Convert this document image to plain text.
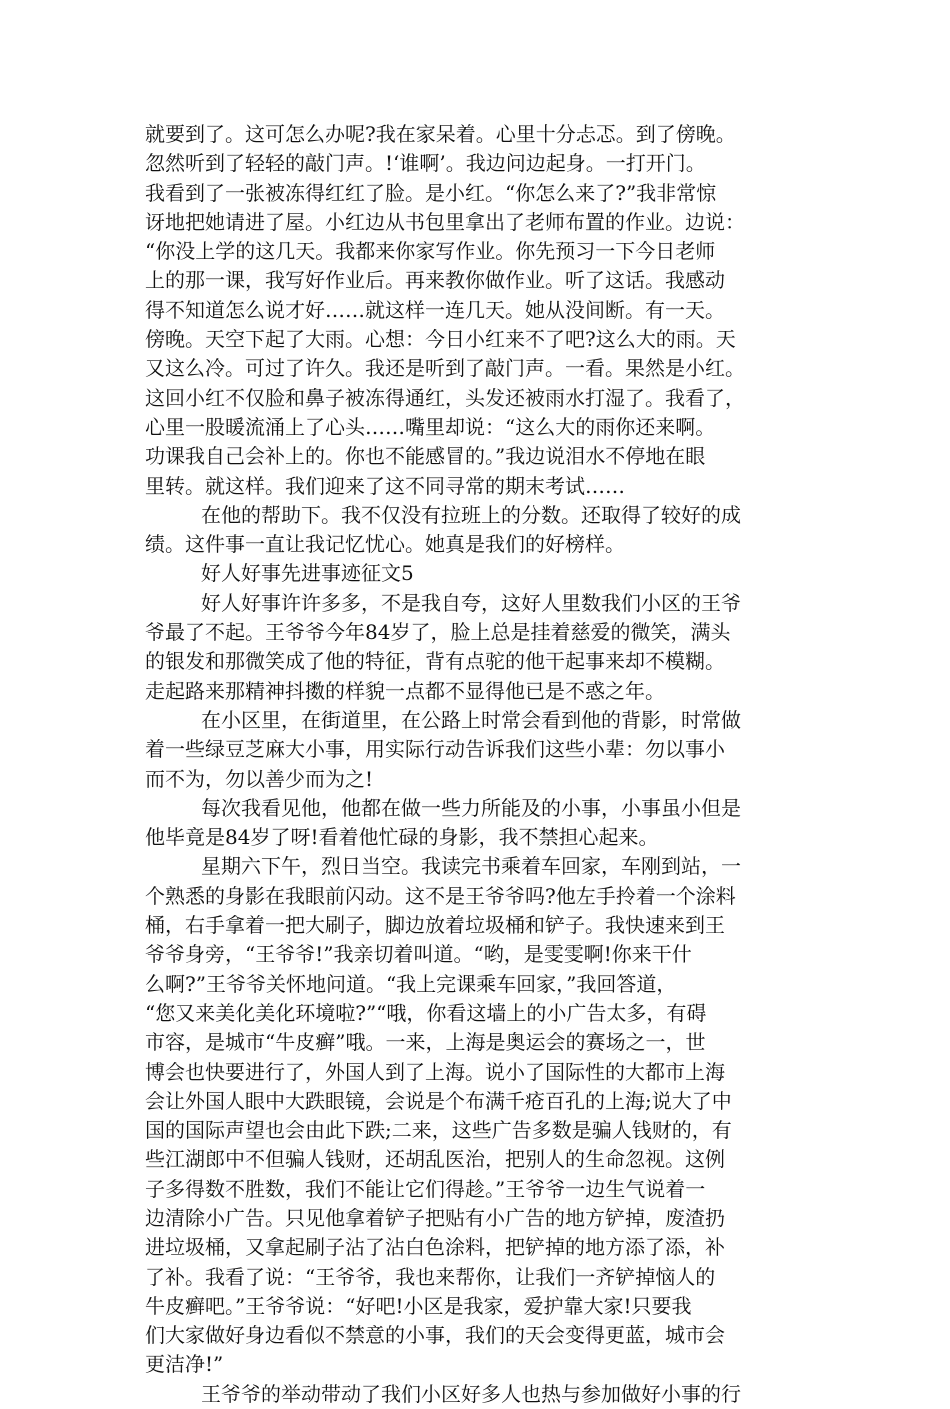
就要到了。这可怎么办呢?我在家呆着。心里十分忐忑。到了傍晚。
忽然听到了轻轻的敲门声。!‘谁啊’。我边问边起身。一打开门。
我看到了一张被冻得红红了脸。是小红。“你怎么来了?”我非常惊
讶地把她请进了屋。小红边从书包里拿出了老师布置的作业。边说：
“你没上学的这几天。我都来你家写作业。你先预习一下今日老师
上的那一课，我写好作业后。再来教你做作业。听了这话。我感动
得不知道怎么说才好……就这样一连几天。她从没间断。有一天。
傍晚。天空下起了大雨。心想：今日小红来不了吧?这么大的雨。天
又这么冷。可过了许久。我还是听到了敲门声。一看。果然是小红。
这回小红不仅脸和鼻子被冻得通红，头发还被雨水打湿了。我看了，
心里一股暖流涌上了心头……嘴里却说：“这么大的雨你还来啊。
功课我自己会补上的。你也不能感冒的。”我边说泪水不停地在眼
里转。就这样。我们迎来了这不同寻常的期末考试……
在他的帮助下。我不仅没有拉班上的分数。还取得了较好的成
绩。这件事一直让我记忆忧心。她真是我们的好榜样。
好人好事先进事迹征文5
好人好事许许多多，不是我自夸，这好人里数我们小区的王爷
爷最了不起。王爷爷今年84岁了，脸上总是挂着慈爱的微笑，满头
的银发和那微笑成了他的特征，背有点驼的他干起事来却不模糊。
走起路来那精神抖擞的样貌一点都不显得他已是不惑之年。
在小区里，在街道里，在公路上时常会看到他的背影，时常做
着一些绿豆芝麻大小事，用实际行动告诉我们这些小辈：勿以事小
而不为，勿以善少而为之!
每次我看见他，他都在做一些力所能及的小事，小事虽小但是
他毕竟是84岁了呀!看着他忙碌的身影，我不禁担心起来。
星期六下午，烈日当空。我读完书乘着车回家，车刚到站，一
个熟悉的身影在我眼前闪动。这不是王爷爷吗?他左手拎着一个涂料
桶，右手拿着一把大刷子，脚边放着垃圾桶和铲子。我快速来到王
爷爷身旁，“王爷爷!”我亲切着叫道。“哟，是雯雯啊!你来干什
么啊?”王爷爷关怀地问道。“我上完课乘车回家，”我回答道，
“您又来美化美化环境啦?”“哦，你看这墙上的小广告太多，有碍
市容，是城市“牛皮癣”哦。一来，上海是奥运会的赛场之一，世
博会也快要进行了，外国人到了上海。说小了国际性的大都市上海
会让外国人眼中大跌眼镜，会说是个布满千疮百孔的上海;说大了中
国的国际声望也会由此下跌;二来，这些广告多数是骗人钱财的，有
些江湖郎中不但骗人钱财，还胡乱医治，把别人的生命忽视。这例
子多得数不胜数，我们不能让它们得趁。”王爷爷一边生气说着一
边清除小广告。只见他拿着铲子把贴有小广告的地方铲掉，废渣扔
进垃圾桶，又拿起刷子沾了沾白色涂料，把铲掉的地方添了添，补
了补。我看了说：“王爷爷，我也来帮你，让我们一齐铲掉恼人的
牛皮癣吧。”王爷爷说：“好吧!小区是我家，爱护靠大家!只要我
们大家做好身边看似不禁意的小事，我们的天会变得更蓝，城市会
更洁净!”
王爷爷的举动带动了我们小区好多人也热与参加做好小事的行
